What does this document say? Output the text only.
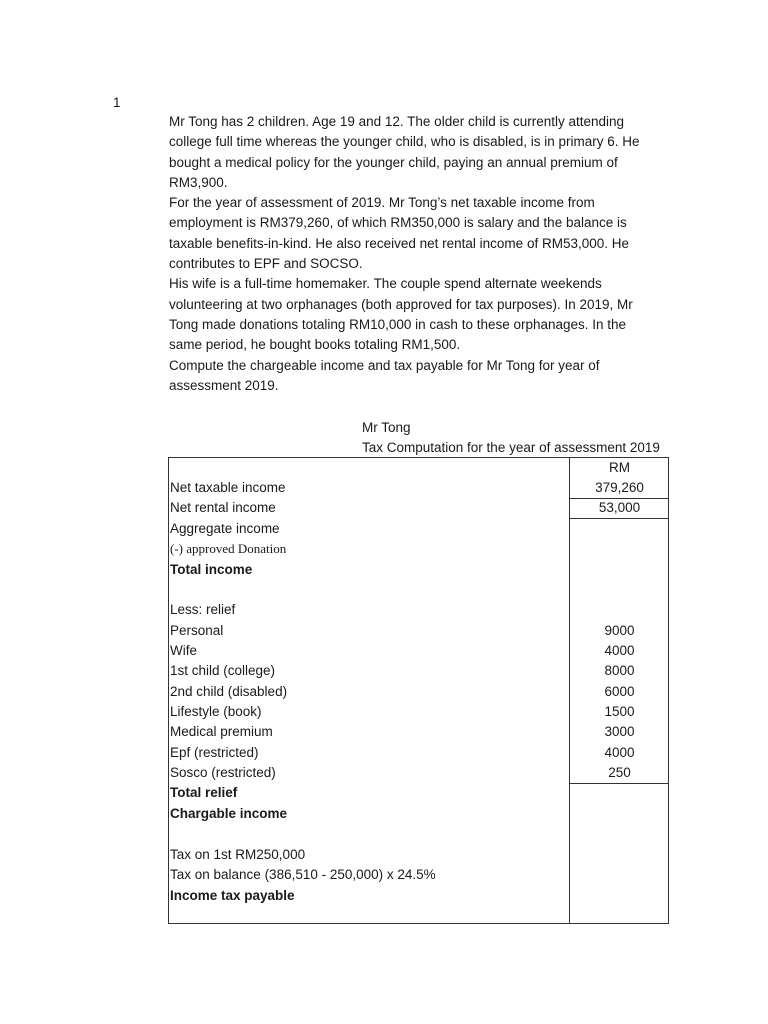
1

Mr Tong has 2 children. Age 19 and 12. The older child is currently attending college full time whereas the younger child, who is disabled, is in primary 6. He bought a medical policy for the younger child, paying an annual premium of RM3,900.

For the year of assessment of 2019. Mr Tong’s net taxable income from employment is RM379,260, of which RM350,000 is salary and the balance is taxable benefits-in-kind. He also received net rental income of RM53,000. He contributes to EPF and SOCSO.

His wife is a full-time homemaker. The couple spend alternate weekends volunteering at two orphanages (both approved for tax purposes). In 2019, Mr Tong made donations totaling RM10,000 in cash to these orphanages. In the same period, he bought books totaling RM1,500.

Compute the chargeable income and tax payable for Mr Tong for year of assessment 2019.

Mr Tong
Tax Computation for the year of assessment 2019
RM
Net taxable income	379,260
Net rental income	53,000
Aggregate income
(-) approved Donation
Total income
Less: relief
Personal	9000
Wife	4000
1st child (college)	8000
2nd child (disabled)	6000
Lifestyle (book)	1500
Medical premium	3000
Epf (restricted)	4000
Sosco (restricted)	250
Total relief
Chargable income
Tax on 1st RM250,000
Tax on balance (386,510 - 250,000) x 24.5%
Income tax payable
